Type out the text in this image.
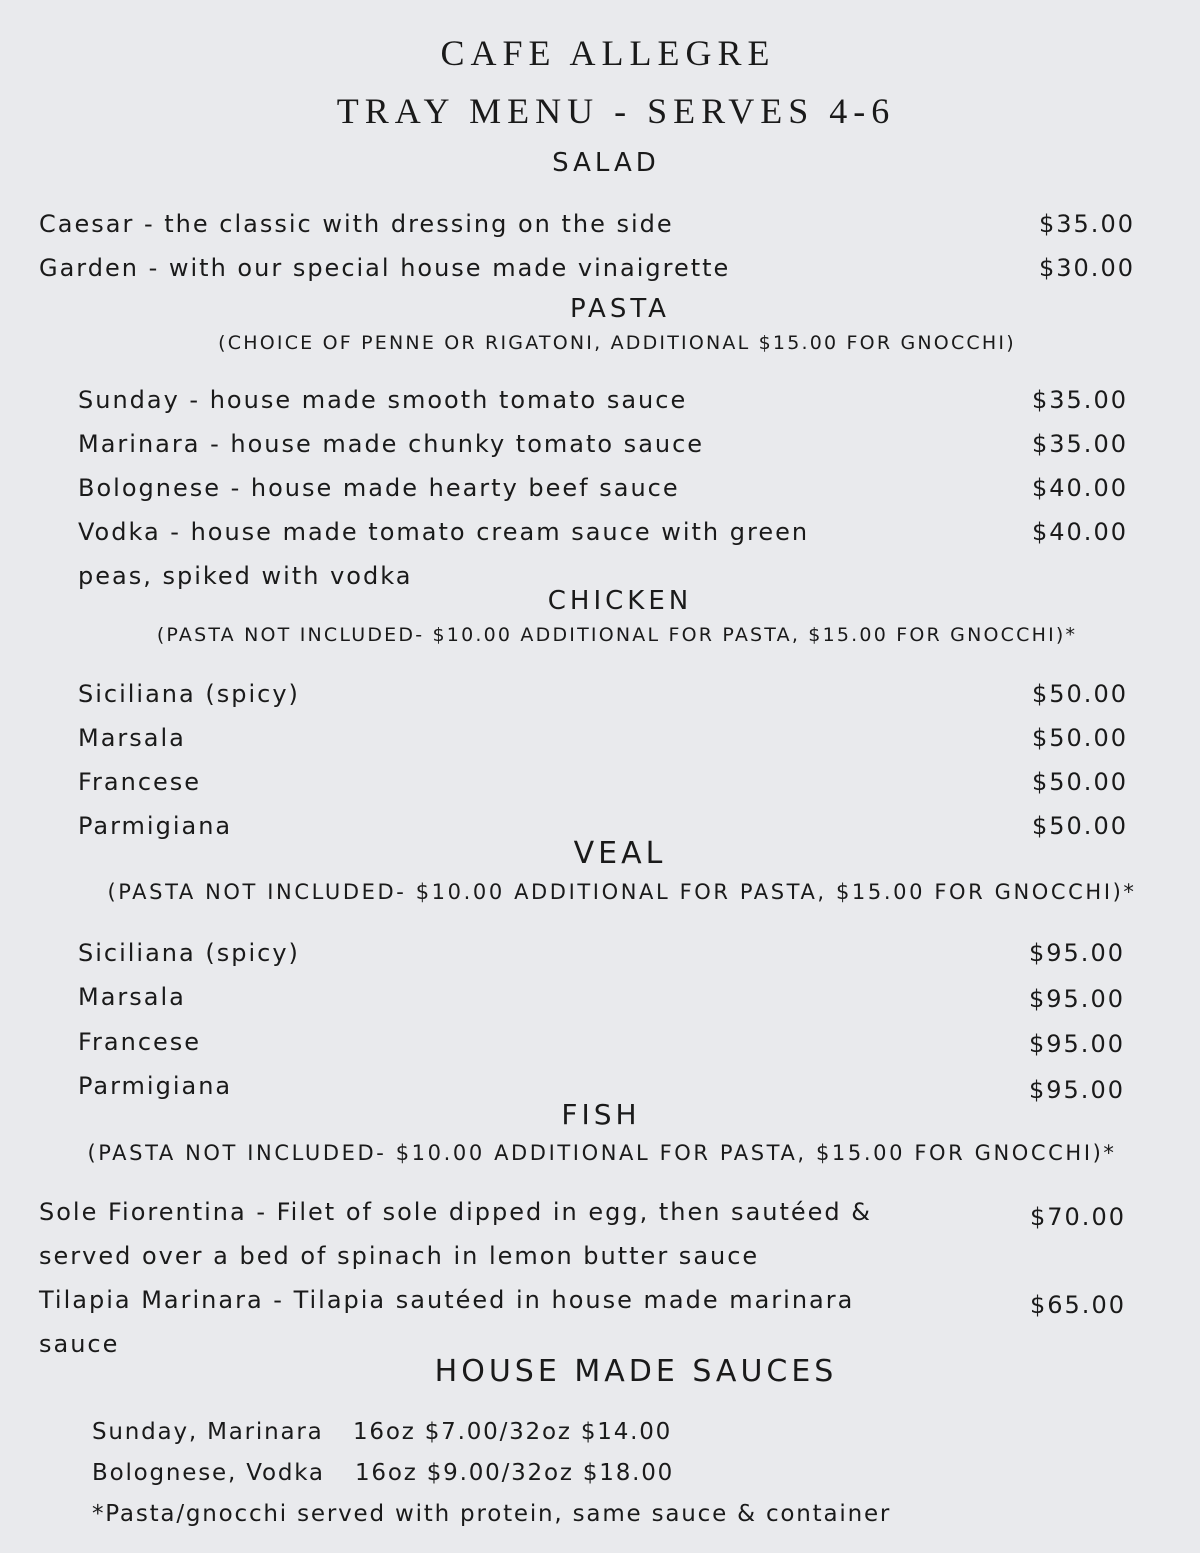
CAFE ALLEGRE
TRAY MENU - SERVES 4-6
SALAD
Caesar - the classic with dressing on the side	$35.00
Garden - with our special house made vinaigrette	$30.00
PASTA
(CHOICE OF PENNE OR RIGATONI, ADDITIONAL $15.00 FOR GNOCCHI)
Sunday - house made smooth tomato sauce	$35.00
Marinara - house made chunky tomato sauce	$35.00
Bolognese - house made hearty beef sauce	$40.00
Vodka - house made tomato cream sauce with green	$40.00
peas, spiked with vodka
CHICKEN
(PASTA NOT INCLUDED- $10.00 ADDITIONAL FOR PASTA, $15.00 FOR GNOCCHI)*
Siciliana (spicy)	$50.00
Marsala	$50.00
Francese	$50.00
Parmigiana	$50.00
VEAL
(PASTA NOT INCLUDED- $10.00 ADDITIONAL FOR PASTA, $15.00 FOR GNOCCHI)*
Siciliana (spicy)	$95.00
Marsala	$95.00
Francese	$95.00
Parmigiana	$95.00
FISH
(PASTA NOT INCLUDED- $10.00 ADDITIONAL FOR PASTA, $15.00 FOR GNOCCHI)*
Sole Fiorentina - Filet of sole dipped in egg, then sautéed &	$70.00
served over a bed of spinach in lemon butter sauce
Tilapia Marinara - Tilapia sautéed in house made marinara	$65.00
sauce
HOUSE MADE SAUCES
Sunday, Marinara 16oz $7.00/32oz $14.00
Bolognese, Vodka 16oz $9.00/32oz $18.00
*Pasta/gnocchi served with protein, same sauce & container
